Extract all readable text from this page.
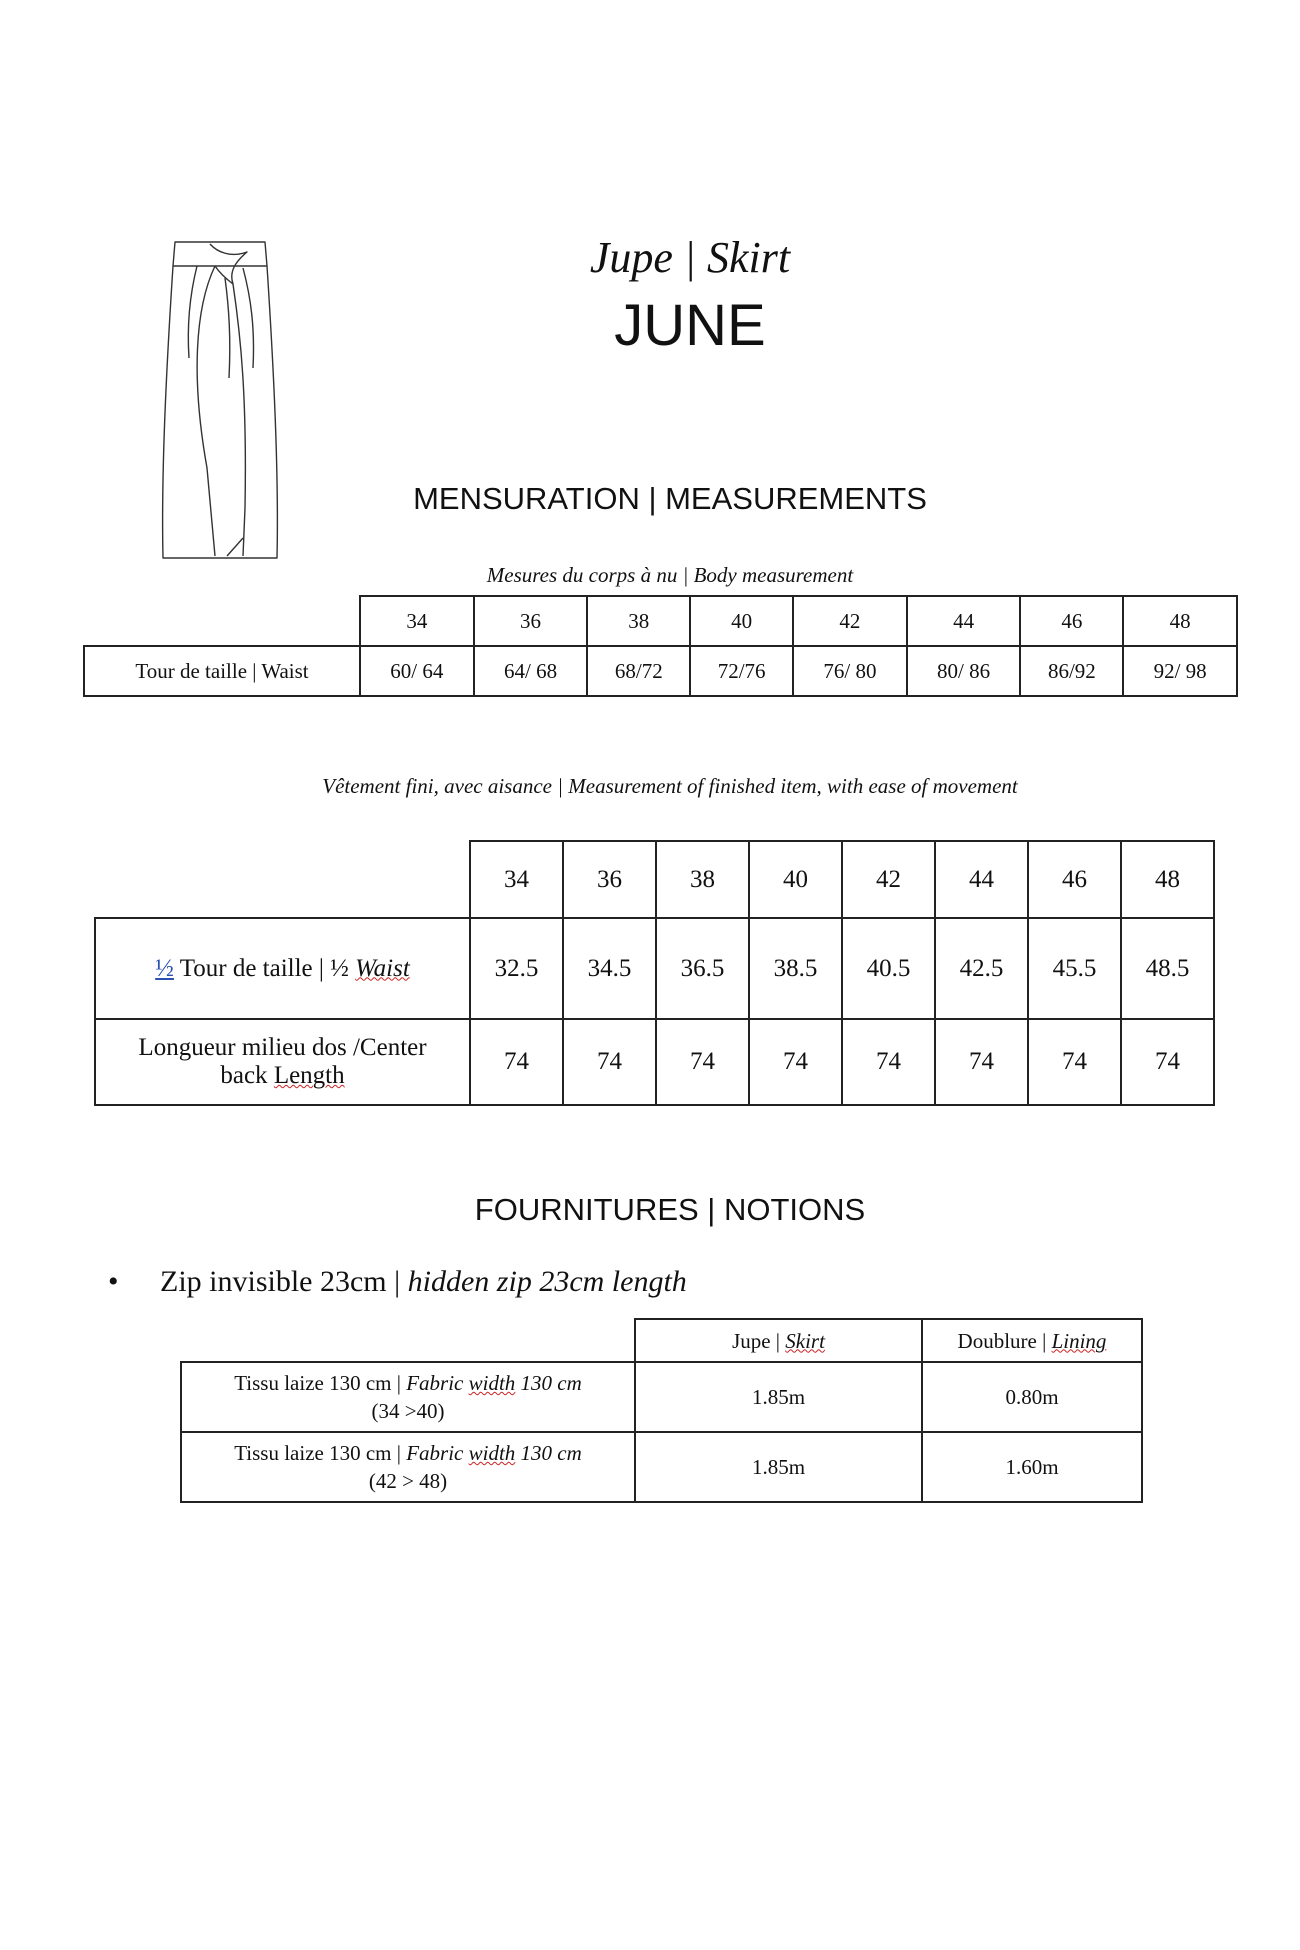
Jupe | Skirt
JUNE
MENSURATION | MEASUREMENTS
Mesures du corps à nu | Body measurement
	34	36	38	40	42	44	46	48
Tour de taille | Waist	60/ 64	64/ 68	68/72	72/76	76/ 80	80/ 86	86/92	92/ 98
Vêtement fini, avec aisance | Measurement of finished item, with ease of movement
	34	36	38	40	42	44	46	48
½ Tour de taille | ½ Waist	32.5	34.5	36.5	38.5	40.5	42.5	45.5	48.5
Longueur milieu dos /Center
back Length	74	74	74	74	74	74	74	74
FOURNITURES | NOTIONS
• Zip invisible 23cm | hidden zip 23cm length
	Jupe | Skirt	Doublure | Lining
Tissu laize 130 cm | Fabric width 130 cm
(34 >40)	1.85m	0.80m
Tissu laize 130 cm | Fabric width 130 cm
(42 > 48)	1.85m	1.60m
